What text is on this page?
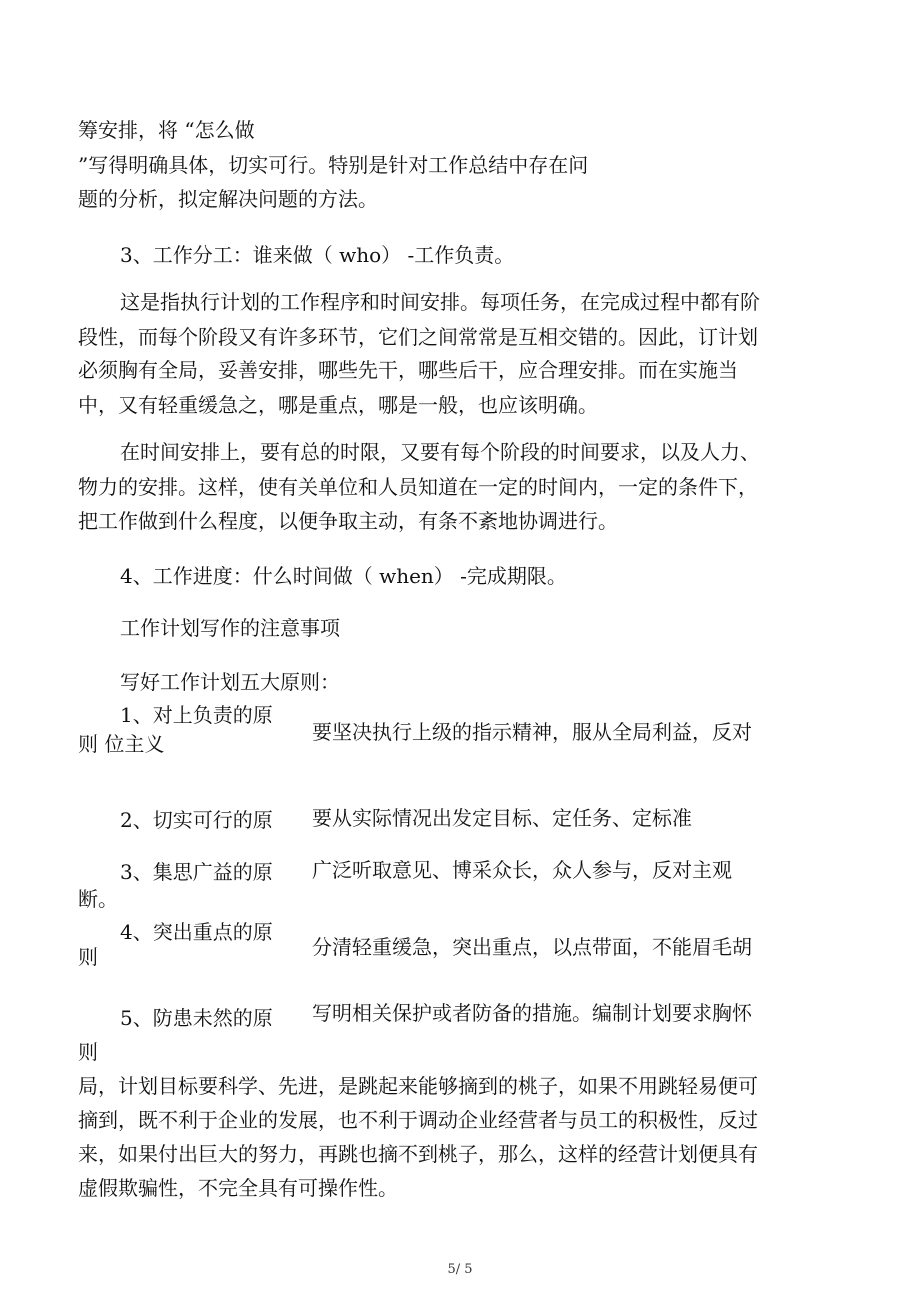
筹安排，将 “怎么做
”写得明确具体，切实可行。特别是针对工作总结中存在问
题的分析，拟定解决问题的方法。
3、工作分工：谁来做（ who） -工作负责。
这是指执行计划的工作程序和时间安排。每项任务，在完成过程中都有阶
段性，而每个阶段又有许多环节，它们之间常常是互相交错的。因此，订计划
必须胸有全局，妥善安排，哪些先干，哪些后干，应合理安排。而在实施当
中，又有轻重缓急之，哪是重点，哪是一般，也应该明确。
在时间安排上，要有总的时限，又要有每个阶段的时间要求，以及人力、
物力的安排。这样，使有关单位和人员知道在一定的时间内，一定的条件下，
把工作做到什么程度，以便争取主动，有条不紊地协调进行。
4、工作进度：什么时间做（ when） -完成期限。
工作计划写作的注意事项
写好工作计划五大原则：
1、对上负责的原
则 位主义	要坚决执行上级的指示精神，服从全局利益，反对
2、切实可行的原 要从实际情况出发定目标、定任务、定标准
3、集思广益的原 广泛听取意见、博采众长，众人参与，反对主观
断。
4、突出重点的原
分清轻重缓急，突出重点，以点带面，不能眉毛胡
则
5、防患未然的原 写明相关保护或者防备的措施。编制计划要求胸怀
则
局，计划目标要科学、先进，是跳起来能够摘到的桃子，如果不用跳轻易便可
摘到，既不利于企业的发展，也不利于调动企业经营者与员工的积极性，反过
来，如果付出巨大的努力，再跳也摘不到桃子，那么，这样的经营计划便具有
虚假欺骗性，不完全具有可操作性。
5/ 5
